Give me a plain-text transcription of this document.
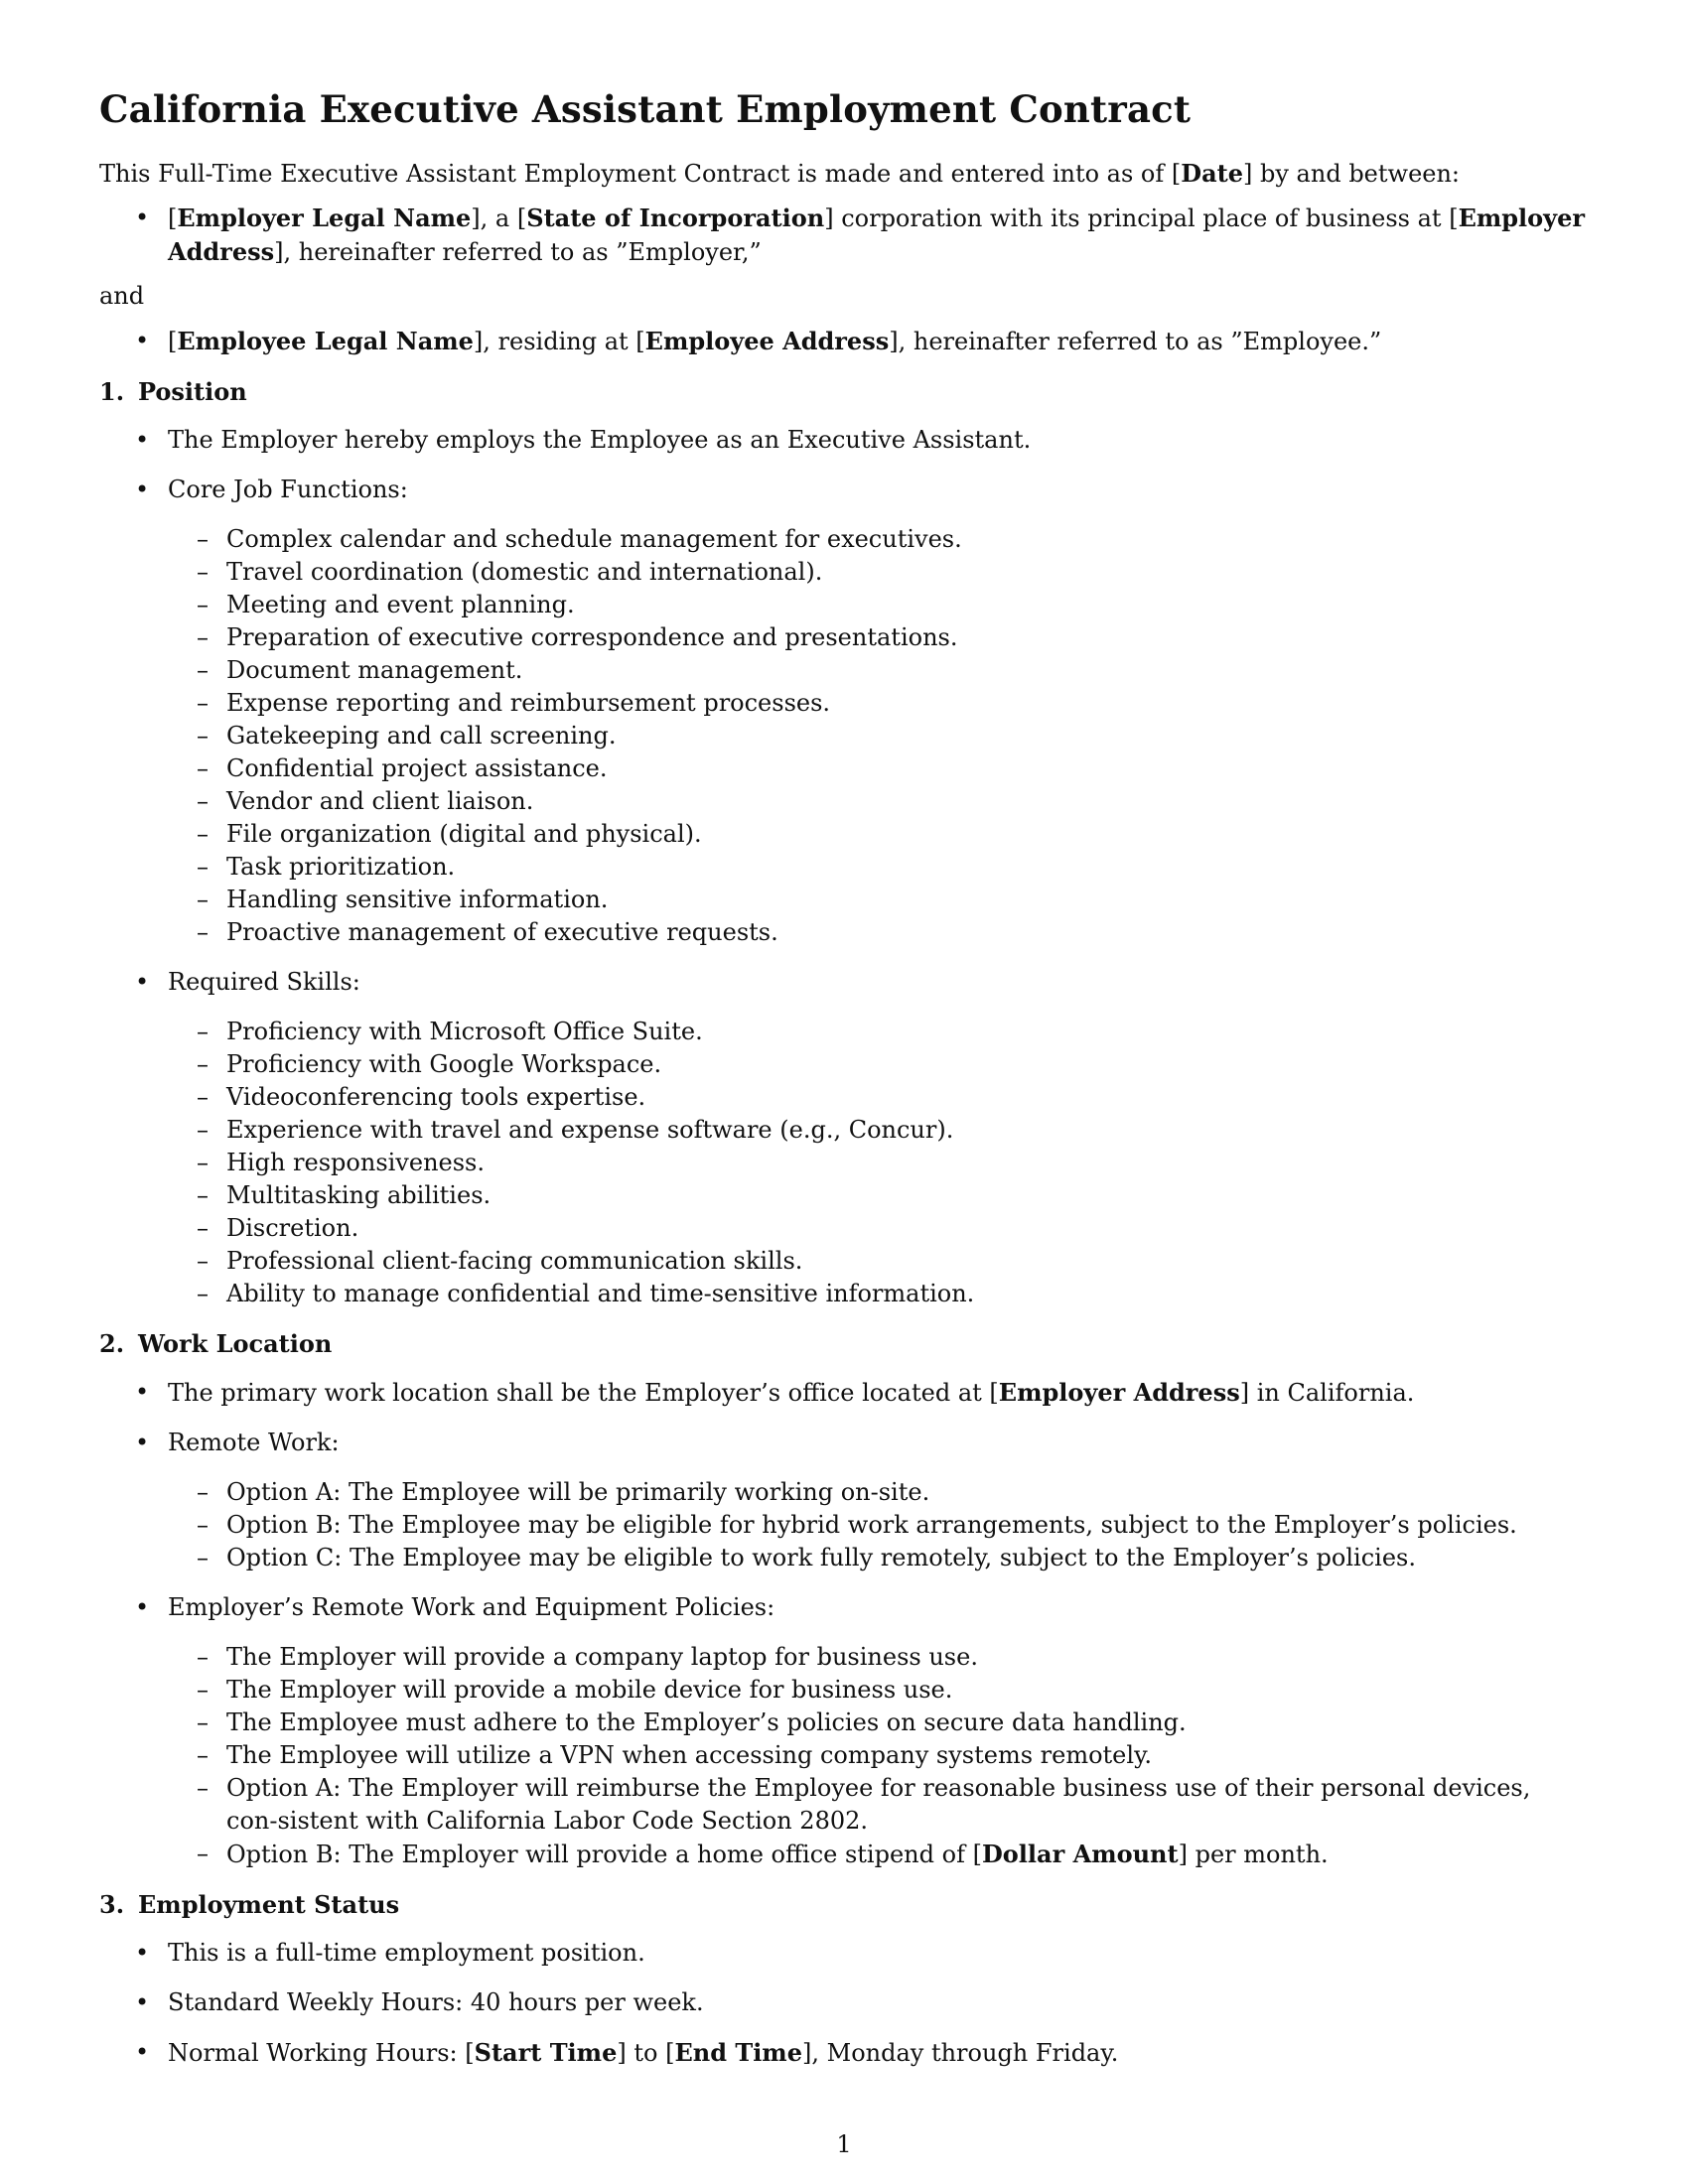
California Executive Assistant Employment Contract

This Full-Time Executive Assistant Employment Contract is made and entered into as of [Date] by and between:

• [Employer Legal Name], a [State of Incorporation] corporation with its principal place of business at [Employer Address], hereinafter referred to as ”Employer,”

and

• [Employee Legal Name], residing at [Employee Address], hereinafter referred to as ”Employee.”
1. Position
• The Employer hereby employs the Employee as an Executive Assistant.
• Core Job Functions:
– Complex calendar and schedule management for executives.
– Travel coordination (domestic and international).
– Meeting and event planning.
– Preparation of executive correspondence and presentations.
– Document management.
– Expense reporting and reimbursement processes.
– Gatekeeping and call screening.
– Confidential project assistance.
– Vendor and client liaison.
– File organization (digital and physical).
– Task prioritization.
– Handling sensitive information.
– Proactive management of executive requests.
• Required Skills:
– Proficiency with Microsoft Office Suite.
– Proficiency with Google Workspace.
– Videoconferencing tools expertise.
– Experience with travel and expense software (e.g., Concur).
– High responsiveness.
– Multitasking abilities.
– Discretion.
– Professional client-facing communication skills.
– Ability to manage confidential and time-sensitive information.
2. Work Location
• The primary work location shall be the Employer’s office located at [Employer Address] in California.
• Remote Work:
– Option A: The Employee will be primarily working on-site.
– Option B: The Employee may be eligible for hybrid work arrangements, subject to the Employer’s policies.
– Option C: The Employee may be eligible to work fully remotely, subject to the Employer’s policies.
• Employer’s Remote Work and Equipment Policies:
– The Employer will provide a company laptop for business use.
– The Employer will provide a mobile device for business use.
– The Employee must adhere to the Employer’s policies on secure data handling.
– The Employee will utilize a VPN when accessing company systems remotely.
– Option A: The Employer will reimburse the Employee for reasonable business use of their personal devices, con-sistent with California Labor Code Section 2802.
– Option B: The Employer will provide a home office stipend of [Dollar Amount] per month.
3. Employment Status
• This is a full-time employment position.
• Standard Weekly Hours: 40 hours per week.
• Normal Working Hours: [Start Time] to [End Time], Monday through Friday.
1
